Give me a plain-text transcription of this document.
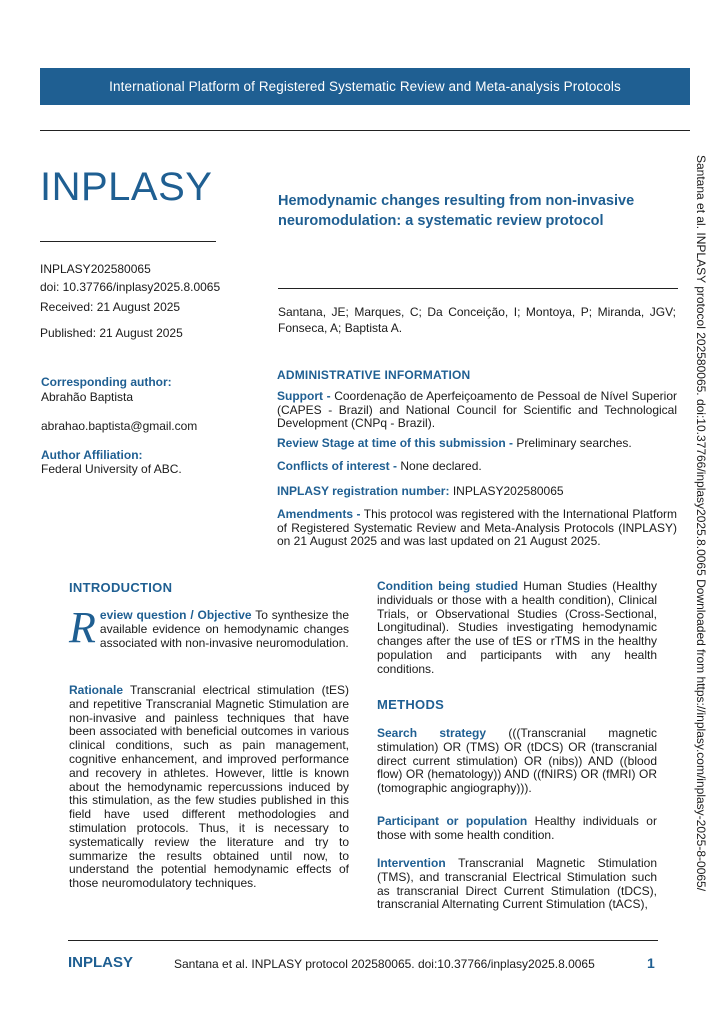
International Platform of Registered Systematic Review and Meta-analysis Protocols
INPLASY
INPLASY202580065
doi: 10.37766/inplasy2025.8.0065
Received: 21 August 2025
Published: 21 August 2025
Corresponding author:
Abrahão Baptista
abrahao.baptista@gmail.com
Author Affiliation:
Federal University of ABC.
Hemodynamic changes resulting from non-invasive neuromodulation: a systematic review protocol
Santana, JE; Marques, C; Da Conceição, I; Montoya, P; Miranda, JGV; Fonseca, A; Baptista A.
ADMINISTRATIVE INFORMATION
Support - Coordenação de Aperfeiçoamento de Pessoal de Nível Superior (CAPES - Brazil) and National Council for Scientific and Technological Development (CNPq - Brazil).
Review Stage at time of this submission - Preliminary searches.
Conflicts of interest - None declared.
INPLASY registration number: INPLASY202580065
Amendments - This protocol was registered with the International Platform of Registered Systematic Review and Meta-Analysis Protocols (INPLASY) on 21 August 2025 and was last updated on 21 August 2025.
INTRODUCTION
Review question / Objective To synthesize the available evidence on hemodynamic changes associated with non-invasive neuromodulation.
Rationale Transcranial electrical stimulation (tES) and repetitive Transcranial Magnetic Stimulation are non-invasive and painless techniques that have been associated with beneficial outcomes in various clinical conditions, such as pain management, cognitive enhancement, and improved performance and recovery in athletes. However, little is known about the hemodynamic repercussions induced by this stimulation, as the few studies published in this field have used different methodologies and stimulation protocols. Thus, it is necessary to systematically review the literature and try to summarize the results obtained until now, to understand the potential hemodynamic effects of those neuromodulatory techniques.
Condition being studied Human Studies (Healthy individuals or those with a health condition), Clinical Trials, or Observational Studies (Cross-Sectional, Longitudinal). Studies investigating hemodynamic changes after the use of tES or rTMS in the healthy population and participants with any health conditions.
METHODS
Search strategy (((Transcranial magnetic stimulation) OR (TMS) OR (tDCS) OR (transcranial direct current stimulation) OR (nibs)) AND ((blood flow) OR (hematology)) AND ((fNIRS) OR (fMRI) OR (tomographic angiography))).
Participant or population Healthy individuals or those with some health condition.
Intervention Transcranial Magnetic Stimulation (TMS), and transcranial Electrical Stimulation such as transcranial Direct Current Stimulation (tDCS), transcranial Alternating Current Stimulation (tACS),
Santana et al. INPLASY protocol 202580065. doi:10.37766/inplasy2025.8.0065 Downloaded from https://inplasy.com/inplasy-2025-8-0065/
INPLASY	Santana et al. INPLASY protocol 202580065. doi:10.37766/inplasy2025.8.0065	1
